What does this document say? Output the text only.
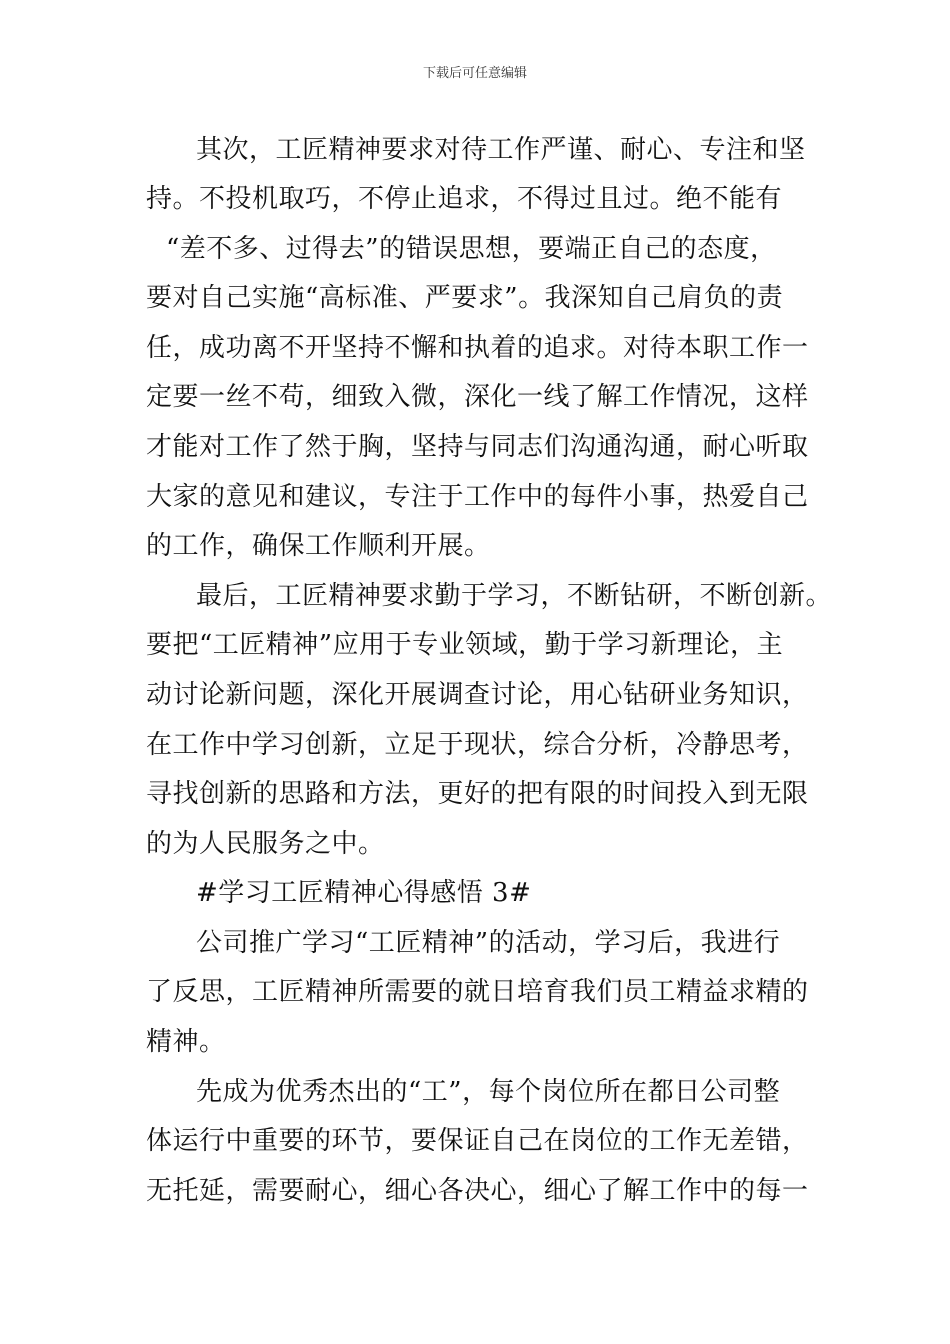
下载后可任意编辑
其次，工匠精神要求对待工作严谨、耐心、专注和坚
持。不投机取巧，不停止追求，不得过且过。绝不能有
“差不多、过得去”的错误思想，要端正自己的态度，
要对自己实施“高标准、严要求”。我深知自己肩负的责
任，成功离不开坚持不懈和执着的追求。对待本职工作一
定要一丝不苟，细致入微，深化一线了解工作情况，这样
才能对工作了然于胸，坚持与同志们沟通沟通，耐心听取
大家的意见和建议，专注于工作中的每件小事，热爱自己
的工作，确保工作顺利开展。
最后，工匠精神要求勤于学习，不断钻研，不断创新。
要把“工匠精神”应用于专业领域，勤于学习新理论，主
动讨论新问题，深化开展调查讨论，用心钻研业务知识，
在工作中学习创新，立足于现状，综合分析，冷静思考，
寻找创新的思路和方法，更好的把有限的时间投入到无限
的为人民服务之中。
#学习工匠精神心得感悟 3#
公司推广学习“工匠精神”的活动，学习后，我进行
了反思，工匠精神所需要的就日培育我们员工精益求精的
精神。
先成为优秀杰出的“工”，每个岗位所在都日公司整
体运行中重要的环节，要保证自己在岗位的工作无差错，
无托延，需要耐心，细心各决心，细心了解工作中的每一
